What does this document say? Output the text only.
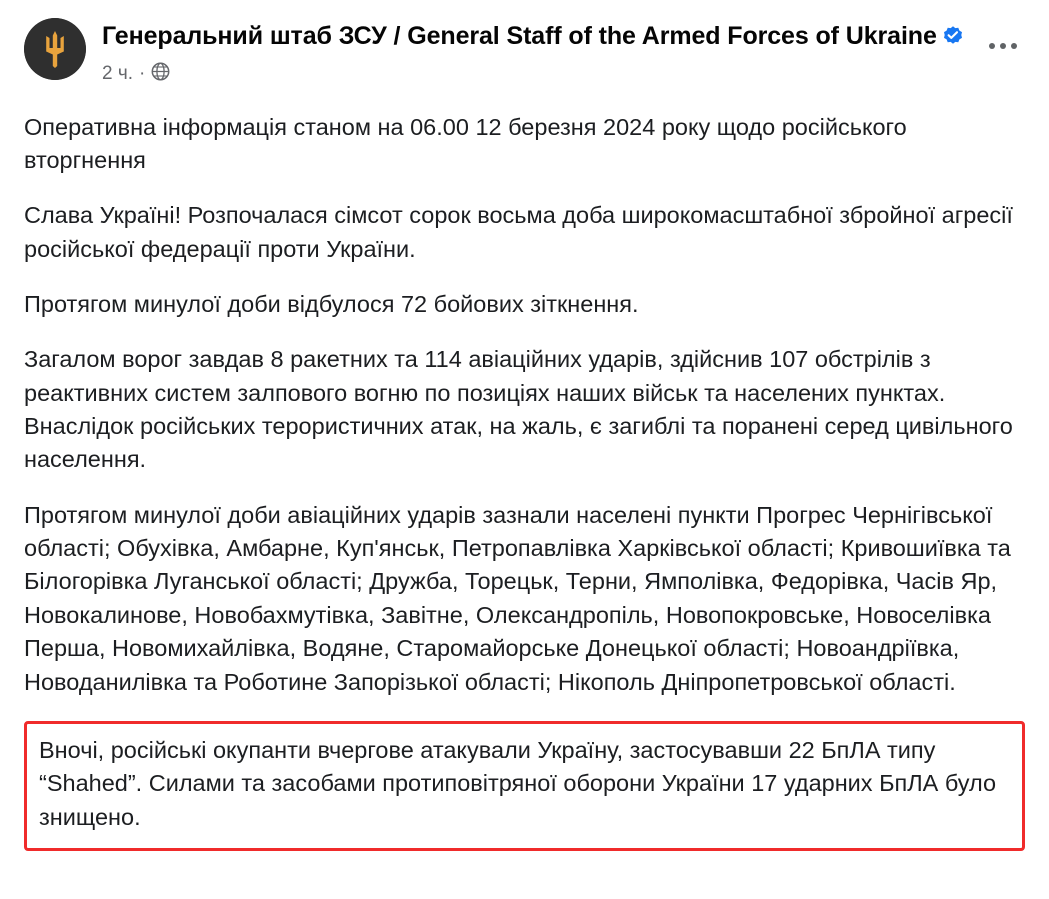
Генеральний штаб ЗСУ / General Staff of the Armed Forces of Ukraine
2 ч. ·

Оперативна інформація станом на 06.00 12 березня 2024 року щодо російського вторгнення

Слава Україні! Розпочалася сімсот сорок восьма доба широкомасштабної збройної агресії російської федерації проти України.

Протягом минулої доби відбулося 72 бойових зіткнення.

Загалом ворог завдав 8 ракетних та 114 авіаційних ударів, здійснив 107 обстрілів з реактивних систем залпового вогню по позиціях наших військ та населених пунктах. Внаслідок російських терористичних атак, на жаль, є загиблі та поранені серед цивільного населення.

Протягом минулої доби авіаційних ударів зазнали населені пункти Прогрес Чернігівської області; Обухівка, Амбарне, Куп'янськ, Петропавлівка Харківської області; Кривошиївка та Білогорівка Луганської області; Дружба, Торецьк, Терни, Ямполівка, Федорівка, Часів Яр, Новокалинове, Новобахмутівка, Завітне, Олександропіль, Новопокровське, Новоселівка Перша, Новомихайлівка, Водяне, Старомайорське Донецької області; Новоандріївка, Новоданилівка та Роботине Запорізької області; Нікополь Дніпропетровської області.

Вночі, російські окупанти вчергове атакували Україну, застосувавши 22 БпЛА типу “Shahed”. Силами та засобами протиповітряної оборони України 17 ударних БпЛА було знищено.
